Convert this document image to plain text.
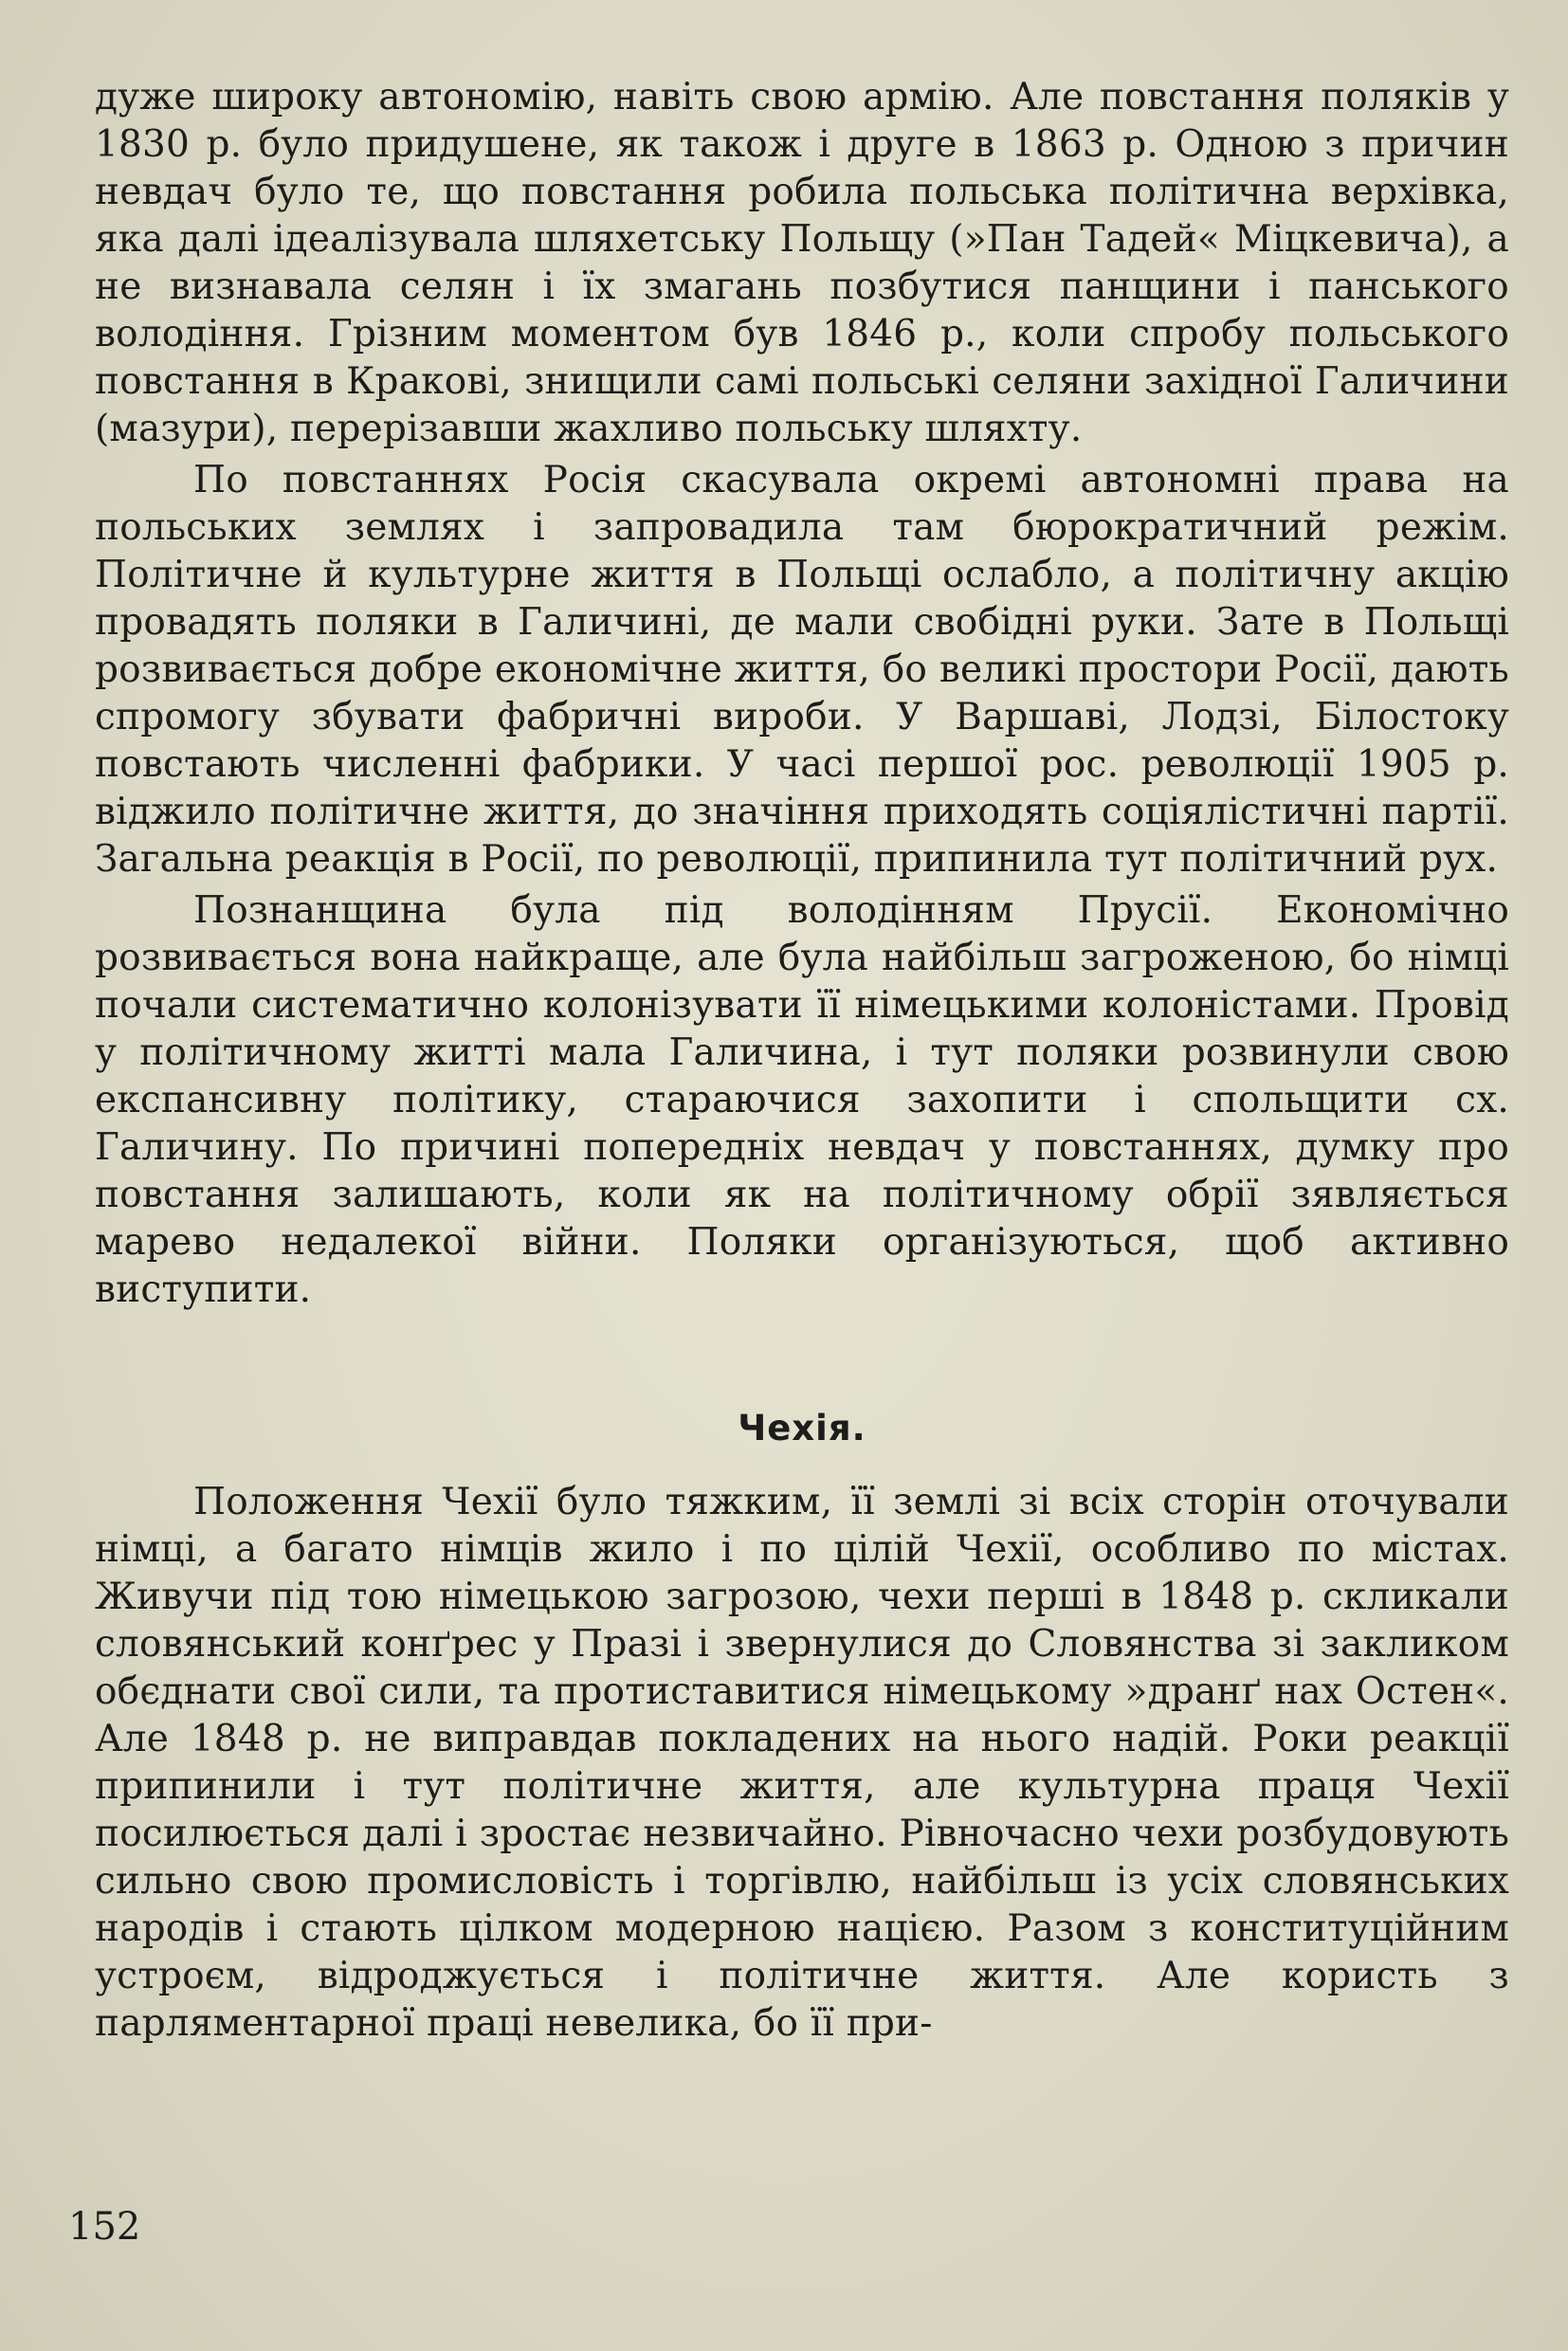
дуже широку автономію, навіть свою армію. Але повстання поляків у 1830 р. було придушене, як також і друге в 1863 р. Одною з причин невдач було те, що повстання робила польська політична верхівка, яка далі ідеалізувала шляхетську Польщу (»Пан Тадей« Міцкевича), а не визнавала селян і їх змагань позбутися панщини і панського володіння. Грізним моментом був 1846 р., коли спробу польського повстання в Кракові, знищили самі польські селяни західної Галичини (мазури), перерізавши жахливо польську шляхту.

По повстаннях Росія скасувала окремі автономні права на польських землях і запровадила там бюрократичний режім. Політичне й культурне життя в Польщі ослабло, а політичну акцію провадять поляки в Галичині, де мали свобідні руки. Зате в Польщі розвивається добре економічне життя, бо великі простори Росії, дають спромогу збувати фабричні вироби. У Варшаві, Лодзі, Білостоку повстають численні фабрики. У часі першої рос. революції 1905 р. віджило політичне життя, до значіння приходять соціялістичні партії. Загальна реакція в Росії, по революції, припинила тут політичний рух.

Познанщина була під володінням Прусії. Економічно розвивається вона найкраще, але була найбільш загроженою, бо німці почали систематично колонізувати її німецькими колоністами. Провід у політичному житті мала Галичина, і тут поляки розвинули свою експансивну політику, стараючися захопити і спольщити сх. Галичину. По причині попередніх невдач у повстаннях, думку про повстання залишають, коли як на політичному обрії зявляється марево недалекої війни. Поляки організуються, щоб активно виступити.

Чехія.

Положення Чехії було тяжким, її землі зі всіх сторін оточували німці, а багато німців жило і по цілій Чехії, особливо по містах. Живучи під тою німецькою загрозою, чехи перші в 1848 р. скликали словянський конґрес у Празі і звернулися до Словянства зі закликом обєднати свої сили, та протиставитися німецькому »дранґ нах Остен«. Але 1848 р. не виправдав покладених на нього надій. Роки реакції припинили і тут політичне життя, але культурна праця Чехії посилюється далі і зростає незвичайно. Рівночасно чехи розбудовують сильно свою промисловість і торгівлю, найбільш із усіх словянських народів і стають цілком модерною нацією. Разом з конституційним устроєм, відроджується і політичне життя. Але користь з парляментарної праці невелика, бо її при-

152
